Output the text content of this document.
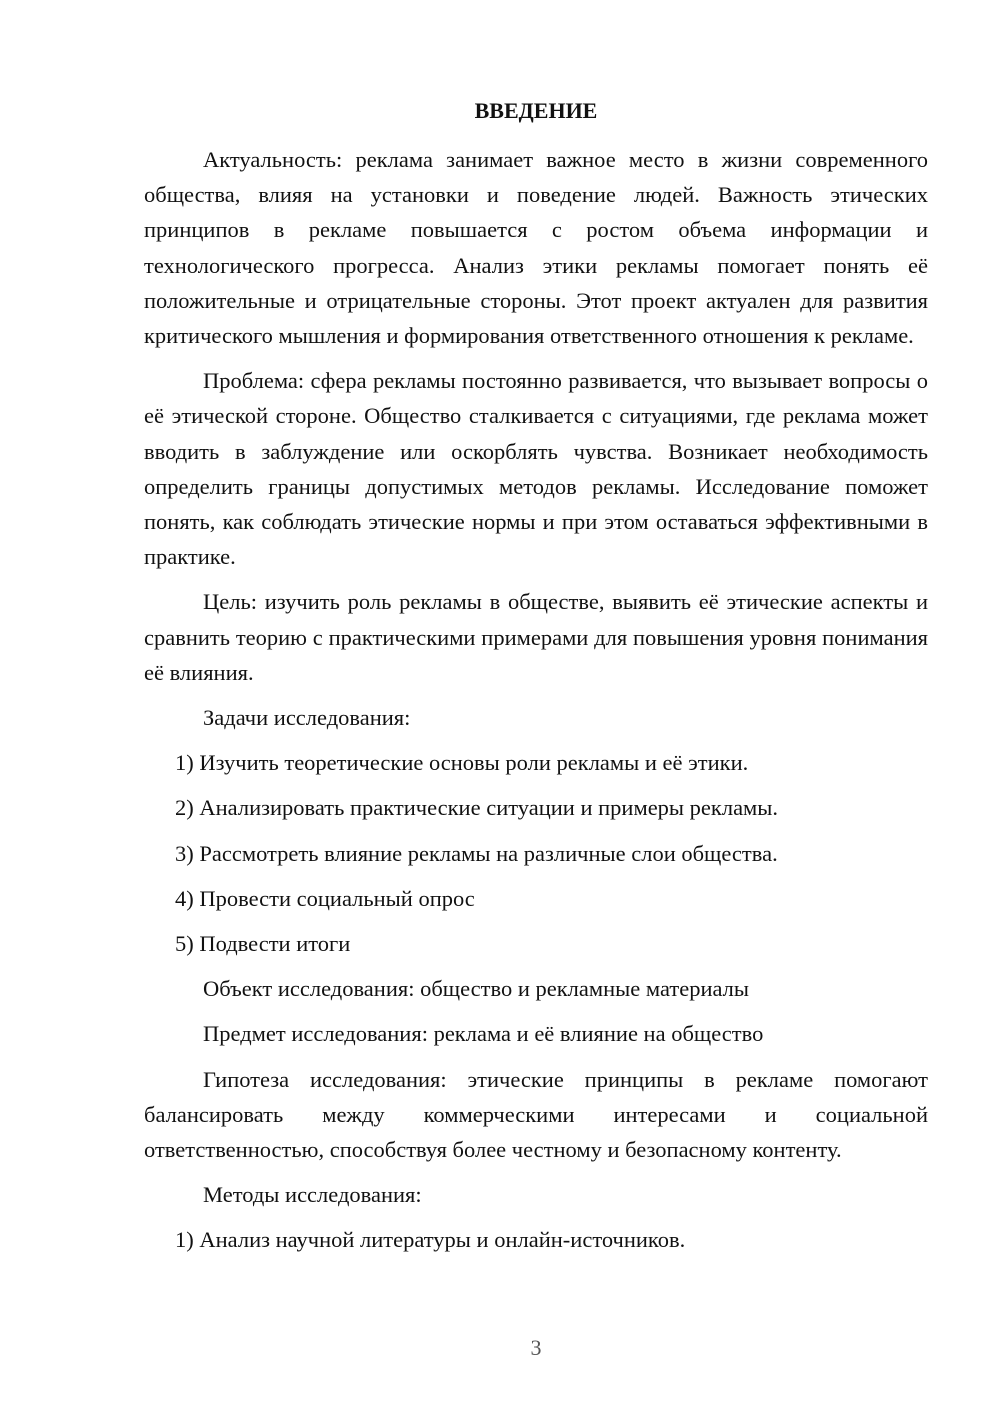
ВВЕДЕНИЕ

Актуальность: реклама занимает важное место в жизни современного общества, влияя на установки и поведение людей. Важность этических принципов в рекламе повышается с ростом объема информации и технологического прогресса. Анализ этики рекламы помогает понять её положительные и отрицательные стороны. Этот проект актуален для развития критического мышления и формирования ответственного отношения к рекламе.

Проблема: сфера рекламы постоянно развивается, что вызывает вопросы о её этической стороне. Общество сталкивается с ситуациями, где реклама может вводить в заблуждение или оскорблять чувства. Возникает необходимость определить границы допустимых методов рекламы. Исследование поможет понять, как соблюдать этические нормы и при этом оставаться эффективными в практике.

Цель: изучить роль рекламы в обществе, выявить её этические аспекты и сравнить теорию с практическими примерами для повышения уровня понимания её влияния.

Задачи исследования:

1) Изучить теоретические основы роли рекламы и её этики.

2) Анализировать практические ситуации и примеры рекламы.

3) Рассмотреть влияние рекламы на различные слои общества.

4) Провести социальный опрос

5) Подвести итоги

Объект исследования: общество и рекламные материалы

Предмет исследования: реклама и её влияние на общество

Гипотеза исследования: этические принципы в рекламе помогают балансировать между коммерческими интересами и социальной ответственностью, способствуя более честному и безопасному контенту.

Методы исследования:

1) Анализ научной литературы и онлайн-источников.

3
